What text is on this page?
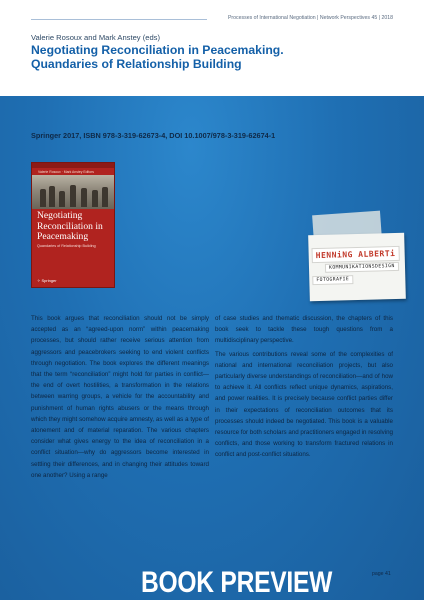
Processes of International Negotiation | Network Perspectives 45 | 2018
Valerie Rosoux and Mark Anstey (eds)
Negotiating Reconciliation in Peacemaking.
Quandaries of Relationship Building
Springer 2017, ISBN 978-3-319-62673-4, DOI 10.1007/978-3-319-62674-1
Valerie Rosoux · Mark Anstey Editors
Negotiating
Reconciliation in
Peacemaking
Quandaries of Relationship Building
✧ Springer
HENNiNG ALBERTi
KOMMUNIKATIONSDESIGN
FOTOGRAFIE

This book argues that reconciliation should not be simply accepted as an “agreed-upon norm” within peacemaking processes, but should rather receive serious attention from aggressors and peacebrokers seeking to end violent conflicts through negotiation. The book explores the different meanings that the term “reconciliation” might hold for parties in conflict—the end of overt hostilities, a transformation in the relations between warring groups, a vehicle for the accountability and punishment of human rights abusers or the means through which they might somehow acquire amnesty, as well as a type of atonement and of material reparation. The various chapters consider what gives energy to the idea of reconciliation in a conflict situation—why do aggressors become interested in settling their differences, and in changing their attitudes toward one another? Using a range

of case studies and thematic discussion, the chapters of this book seek to tackle these tough questions from a multidisciplinary perspective.

The various contributions reveal some of the complexities of national and international reconciliation projects, but also particularly diverse understandings of reconciliation—and of how to achieve it. All conflicts reflect unique dynamics, aspirations, and power realities. It is precisely because conflict parties differ in their expectations of reconciliation outcomes that its processes should indeed be negotiated. This book is a valuable resource for both scholars and practitioners engaged in resolving conflicts, and those working to transform fractured relations in conflict and post-conflict situations.

BOOK PREVIEW	page 41
